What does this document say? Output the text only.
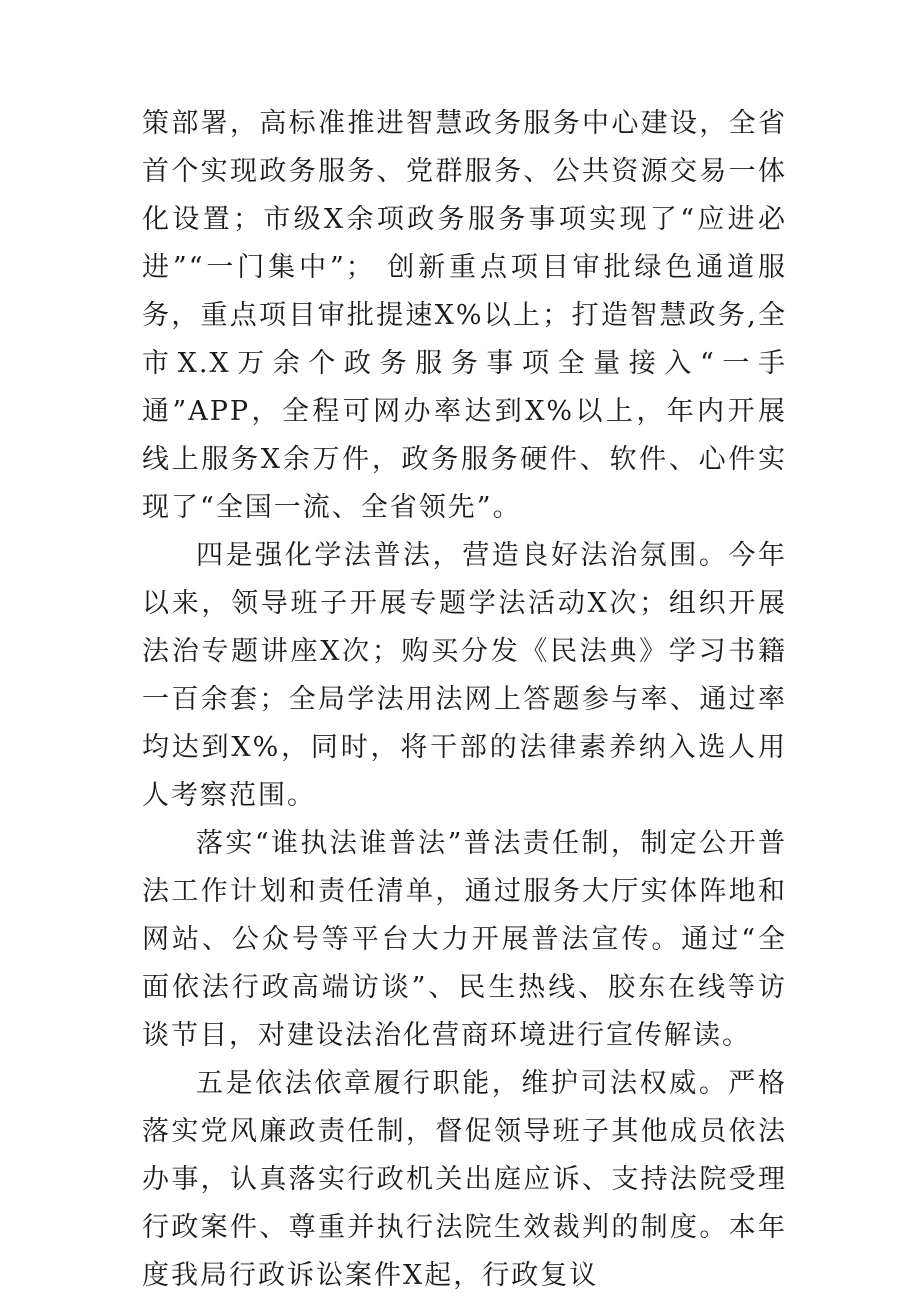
策部署，高标准推进智慧政务服务中心建设，全省首个实现政务服务、党群服务、公共资源交易一体化设置；市级X余项政务服务事项实现了“应进必进”“一门集中”； 创新重点项目审批绿色通道服务，重点项目审批提速X%以上；打造智慧政务,全市X.X万余个政务服务事项全量接入“一手通”APP，全程可网办率达到X%以上，年内开展线上服务X余万件，政务服务硬件、软件、心件实现了“全国一流、全省领先”。

四是强化学法普法，营造良好法治氛围。今年以来，领导班子开展专题学法活动X次；组织开展法治专题讲座X次；购买分发《民法典》学习书籍一百余套；全局学法用法网上答题参与率、通过率均达到X%，同时，将干部的法律素养纳入选人用人考察范围。

落实“谁执法谁普法”普法责任制，制定公开普法工作计划和责任清单，通过服务大厅实体阵地和网站、公众号等平台大力开展普法宣传。通过“全面依法行政高端访谈”、民生热线、胶东在线等访谈节目，对建设法治化营商环境进行宣传解读。

五是依法依章履行职能，维护司法权威。严格落实党风廉政责任制，督促领导班子其他成员依法办事，认真落实行政机关出庭应诉、支持法院受理行政案件、尊重并执行法院生效裁判的制度。本年度我局行政诉讼案件X起，行政复议
